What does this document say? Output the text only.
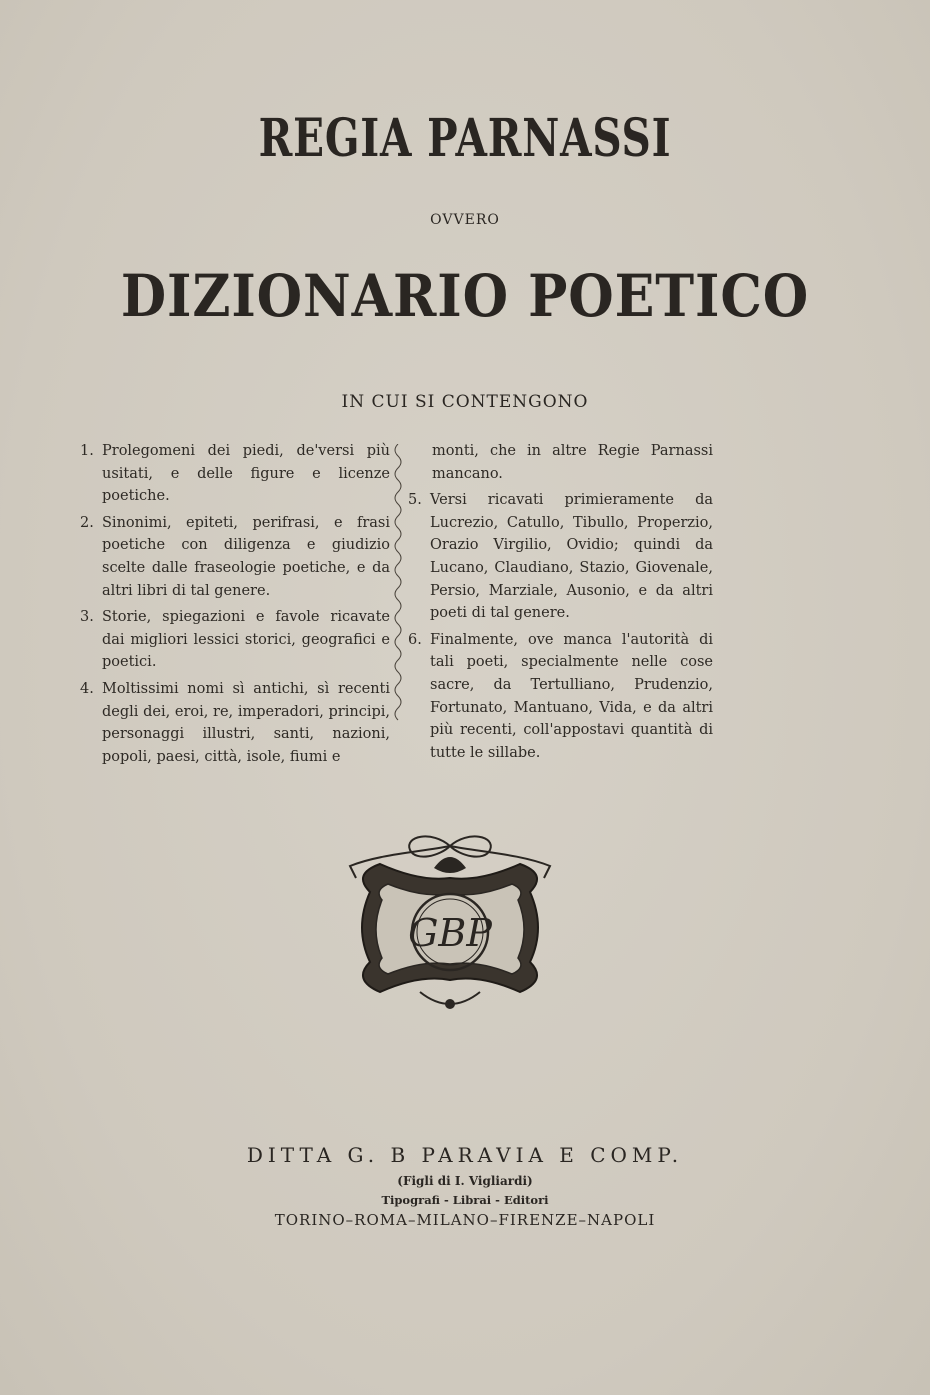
REGIA PARNASSI
OVVERO
DIZIONARIO POETICO
IN CUI SI CONTENGONO
1. Prolegomeni dei piedi, de'versi più usitati, e delle figure e licenze poetiche.
2. Sinonimi, epiteti, perifrasi, e frasi poetiche con diligenza e giudizio scelte dalle fraseologie poetiche, e da altri libri di tal genere.
3. Storie, spiegazioni e favole ricavate dai migliori lessici storici, geografici e poetici.
4. Moltissimi nomi sì antichi, sì recenti degli dei, eroi, re, imperadori, principi, personaggi illustri, santi, nazioni, popoli, paesi, città, isole, fiumi e
monti, che in altre Regie Parnassi mancano.
5. Versi ricavati primieramente da Lucrezio, Catullo, Tibullo, Properzio, Orazio Virgilio, Ovidio; quindi da Lucano, Claudiano, Stazio, Giovenale, Persio, Marziale, Ausonio, e da altri poeti di tal genere.
6. Finalmente, ove manca l'autorità di tali poeti, specialmente nelle cose sacre, da Tertulliano, Prudenzio, Fortunato, Mantuano, Vida, e da altri più recenti, coll'appostavi quantità di tutte le sillabe.
GBP
DITTA G. B PARAVIA E COMP.
(Figli di I. Vigliardi)
Tipografi - Librai - Editori
TORINO–ROMA–MILANO–FIRENZE–NAPOLI
